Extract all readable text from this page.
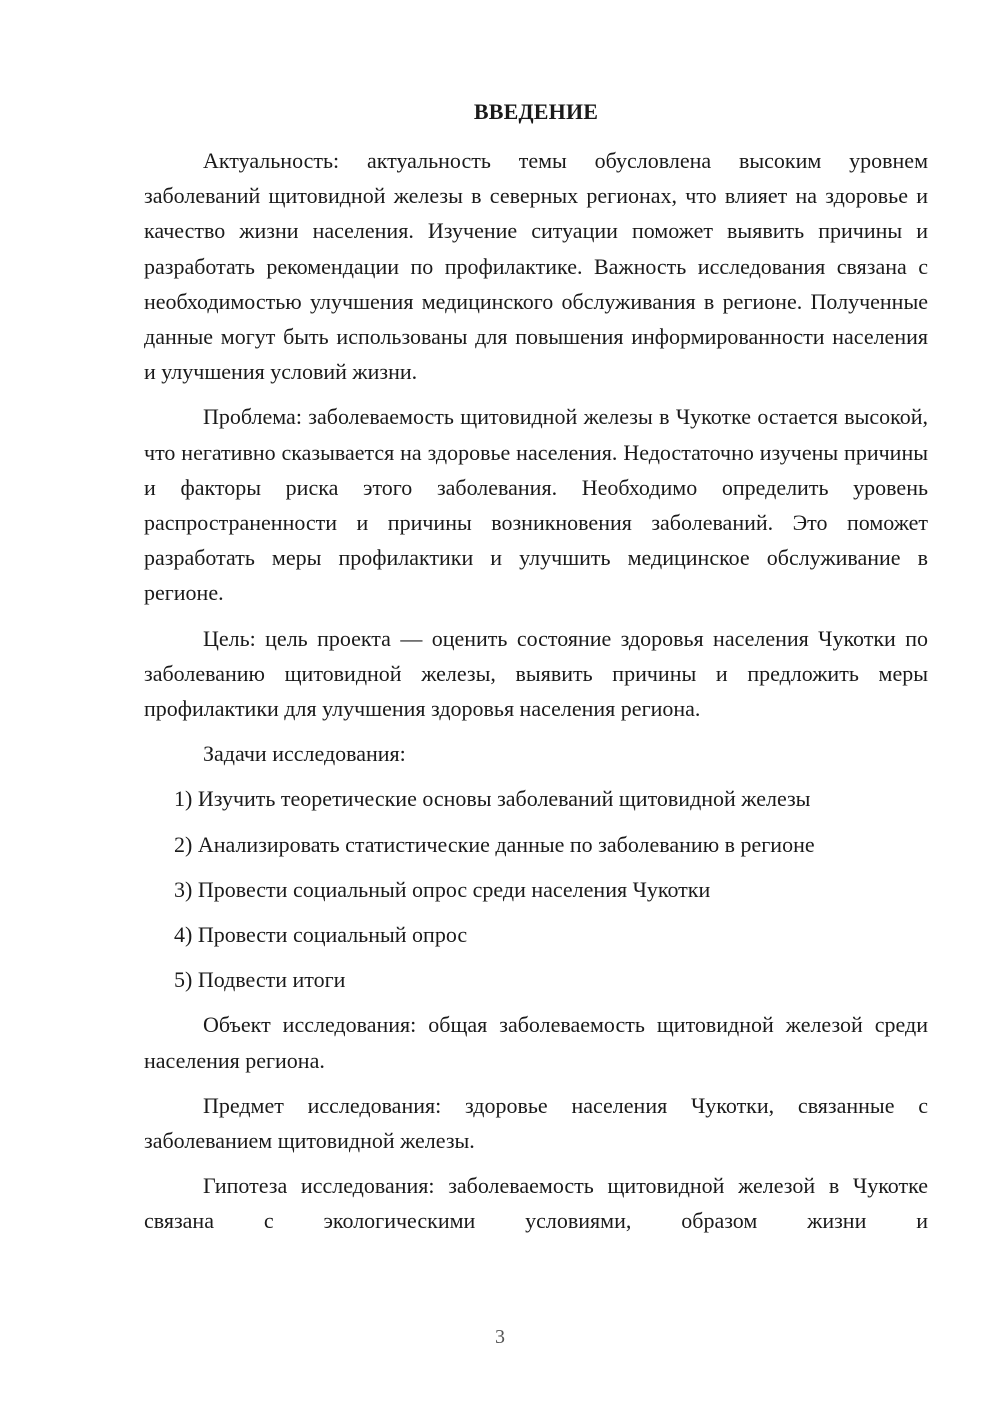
ВВЕДЕНИЕ

Актуальность: актуальность темы обусловлена высоким уровнем заболеваний щитовидной железы в северных регионах, что влияет на здоровье и качество жизни населения. Изучение ситуации поможет выявить причины и разработать рекомендации по профилактике. Важность исследования связана с необходимостью улучшения медицинского обслуживания в регионе. Полученные данные могут быть использованы для повышения информированности населения и улучшения условий жизни.

Проблема: заболеваемость щитовидной железы в Чукотке остается высокой, что негативно сказывается на здоровье населения. Недостаточно изучены причины и факторы риска этого заболевания. Необходимо определить уровень распространенности и причины возникновения заболеваний. Это поможет разработать меры профилактики и улучшить медицинское обслуживание в регионе.

Цель: цель проекта — оценить состояние здоровья населения Чукотки по заболеванию щитовидной железы, выявить причины и предложить меры профилактики для улучшения здоровья населения региона.

Задачи исследования:

1) Изучить теоретические основы заболеваний щитовидной железы
2) Анализировать статистические данные по заболеванию в регионе
3) Провести социальный опрос среди населения Чукотки
4) Провести социальный опрос
5) Подвести итоги

Объект исследования: общая заболеваемость щитовидной железой среди населения региона.

Предмет исследования: здоровье населения Чукотки, связанные с заболеванием щитовидной железы.

Гипотеза исследования: заболеваемость щитовидной железой в Чукотке связана с экологическими условиями, образом жизни и

3
